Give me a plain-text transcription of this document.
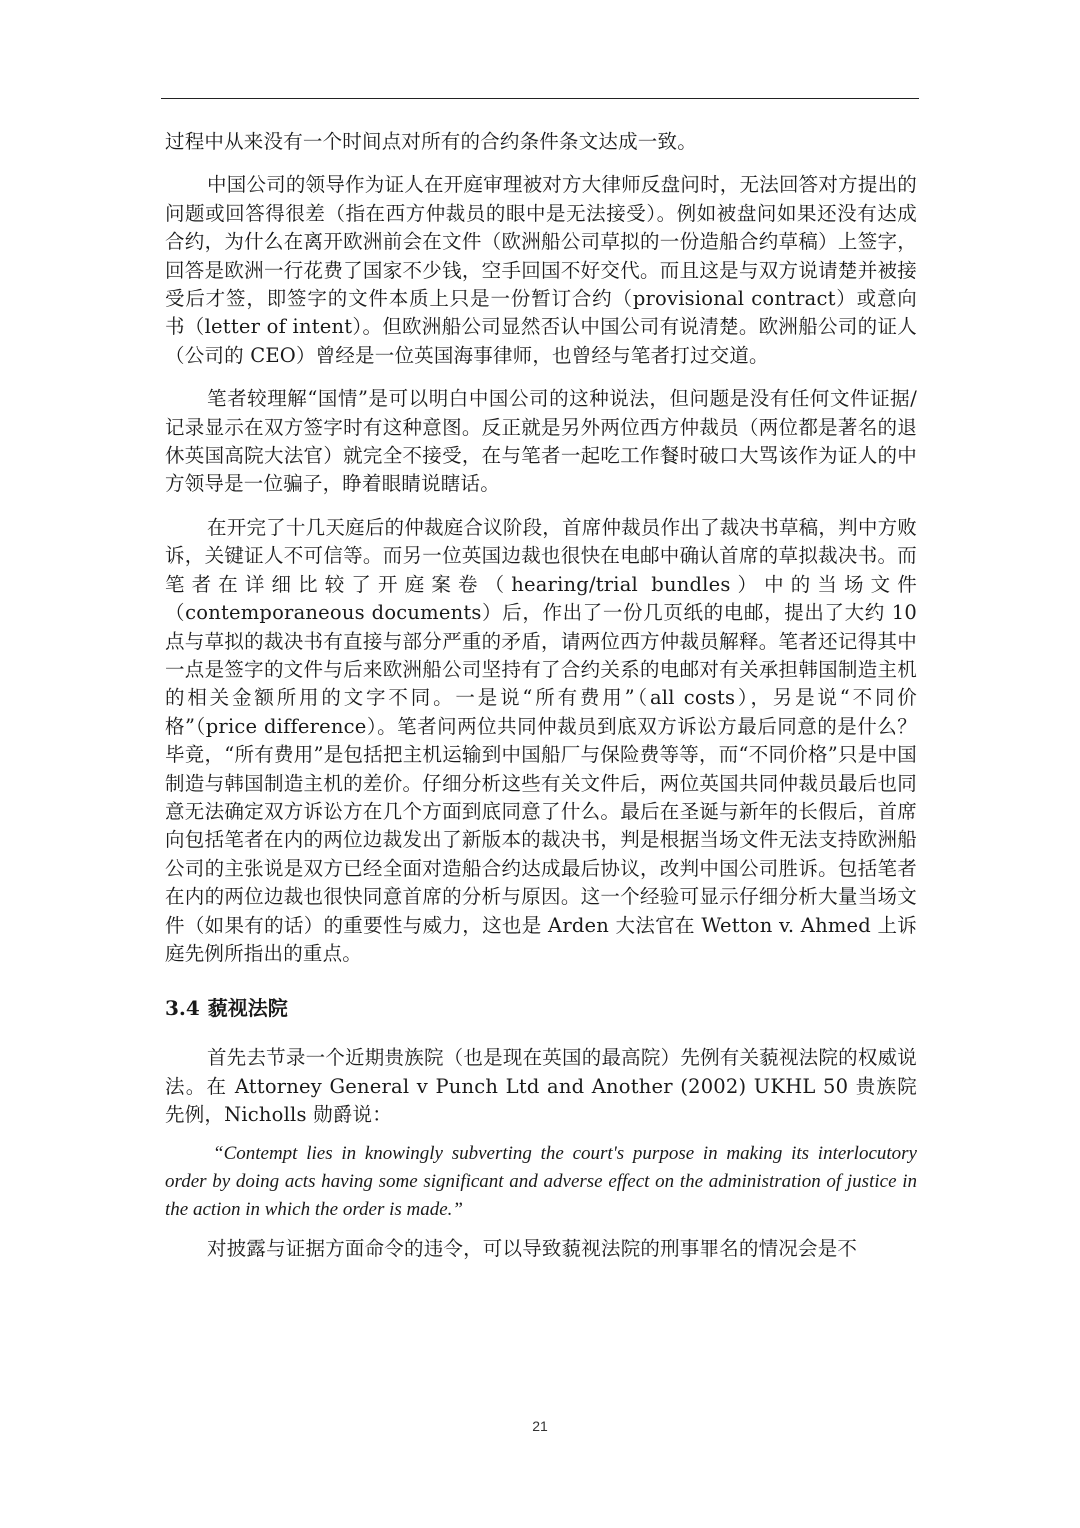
过程中从来没有一个时间点对所有的合约条件条文达成一致。

中国公司的领导作为证人在开庭审理被对方大律师反盘问时，无法回答对方提出的问题或回答得很差（指在西方仲裁员的眼中是无法接受）。例如被盘问如果还没有达成合约，为什么在离开欧洲前会在文件（欧洲船公司草拟的一份造船合约草稿）上签字，回答是欧洲一行花费了国家不少钱，空手回国不好交代。而且这是与双方说请楚并被接受后才签，即签字的文件本质上只是一份暂订合约（provisional contract）或意向书（letter of intent）。但欧洲船公司显然否认中国公司有说清楚。欧洲船公司的证人（公司的 CEO）曾经是一位英国海事律师，也曾经与笔者打过交道。

笔者较理解“国情”是可以明白中国公司的这种说法，但问题是没有任何文件证据/记录显示在双方签字时有这种意图。反正就是另外两位西方仲裁员（两位都是著名的退休英国高院大法官）就完全不接受，在与笔者一起吃工作餐时破口大骂该作为证人的中方领导是一位骗子，睁着眼睛说瞎话。

在开完了十几天庭后的仲裁庭合议阶段，首席仲裁员作出了裁决书草稿，判中方败诉，关键证人不可信等。而另一位英国边裁也很快在电邮中确认首席的草拟裁决书。而笔者在详细比较了开庭案卷（hearing/trial bundles）中的当场文件（contemporaneous documents）后，作出了一份几页纸的电邮，提出了大约 10 点与草拟的裁决书有直接与部分严重的矛盾，请两位西方仲裁员解释。笔者还记得其中一点是签字的文件与后来欧洲船公司坚持有了合约关系的电邮对有关承担韩国制造主机的相关金额所用的文字不同。一是说“所有费用”（all costs），另是说“不同价格”（price difference）。笔者问两位共同仲裁员到底双方诉讼方最后同意的是什么？毕竟，“所有费用”是包括把主机运输到中国船厂与保险费等等，而“不同价格”只是中国制造与韩国制造主机的差价。仔细分析这些有关文件后，两位英国共同仲裁员最后也同意无法确定双方诉讼方在几个方面到底同意了什么。最后在圣诞与新年的长假后，首席向包括笔者在内的两位边裁发出了新版本的裁决书，判是根据当场文件无法支持欧洲船公司的主张说是双方已经全面对造船合约达成最后协议，改判中国公司胜诉。包括笔者在内的两位边裁也很快同意首席的分析与原因。这一个经验可显示仔细分析大量当场文件（如果有的话）的重要性与威力，这也是 Arden 大法官在 Wetton v. Ahmed 上诉庭先例所指出的重点。

3.4 藐视法院

首先去节录一个近期贵族院（也是现在英国的最高院）先例有关藐视法院的权威说法。在 Attorney General v Punch Ltd and Another (2002) UKHL 50 贵族院先例，Nicholls 勋爵说：

“Contempt lies in knowingly subverting the court's purpose in making its interlocutory order by doing acts having some significant and adverse effect on the administration of justice in the action in which the order is made.”

对披露与证据方面命令的违令，可以导致藐视法院的刑事罪名的情况会是不

21
